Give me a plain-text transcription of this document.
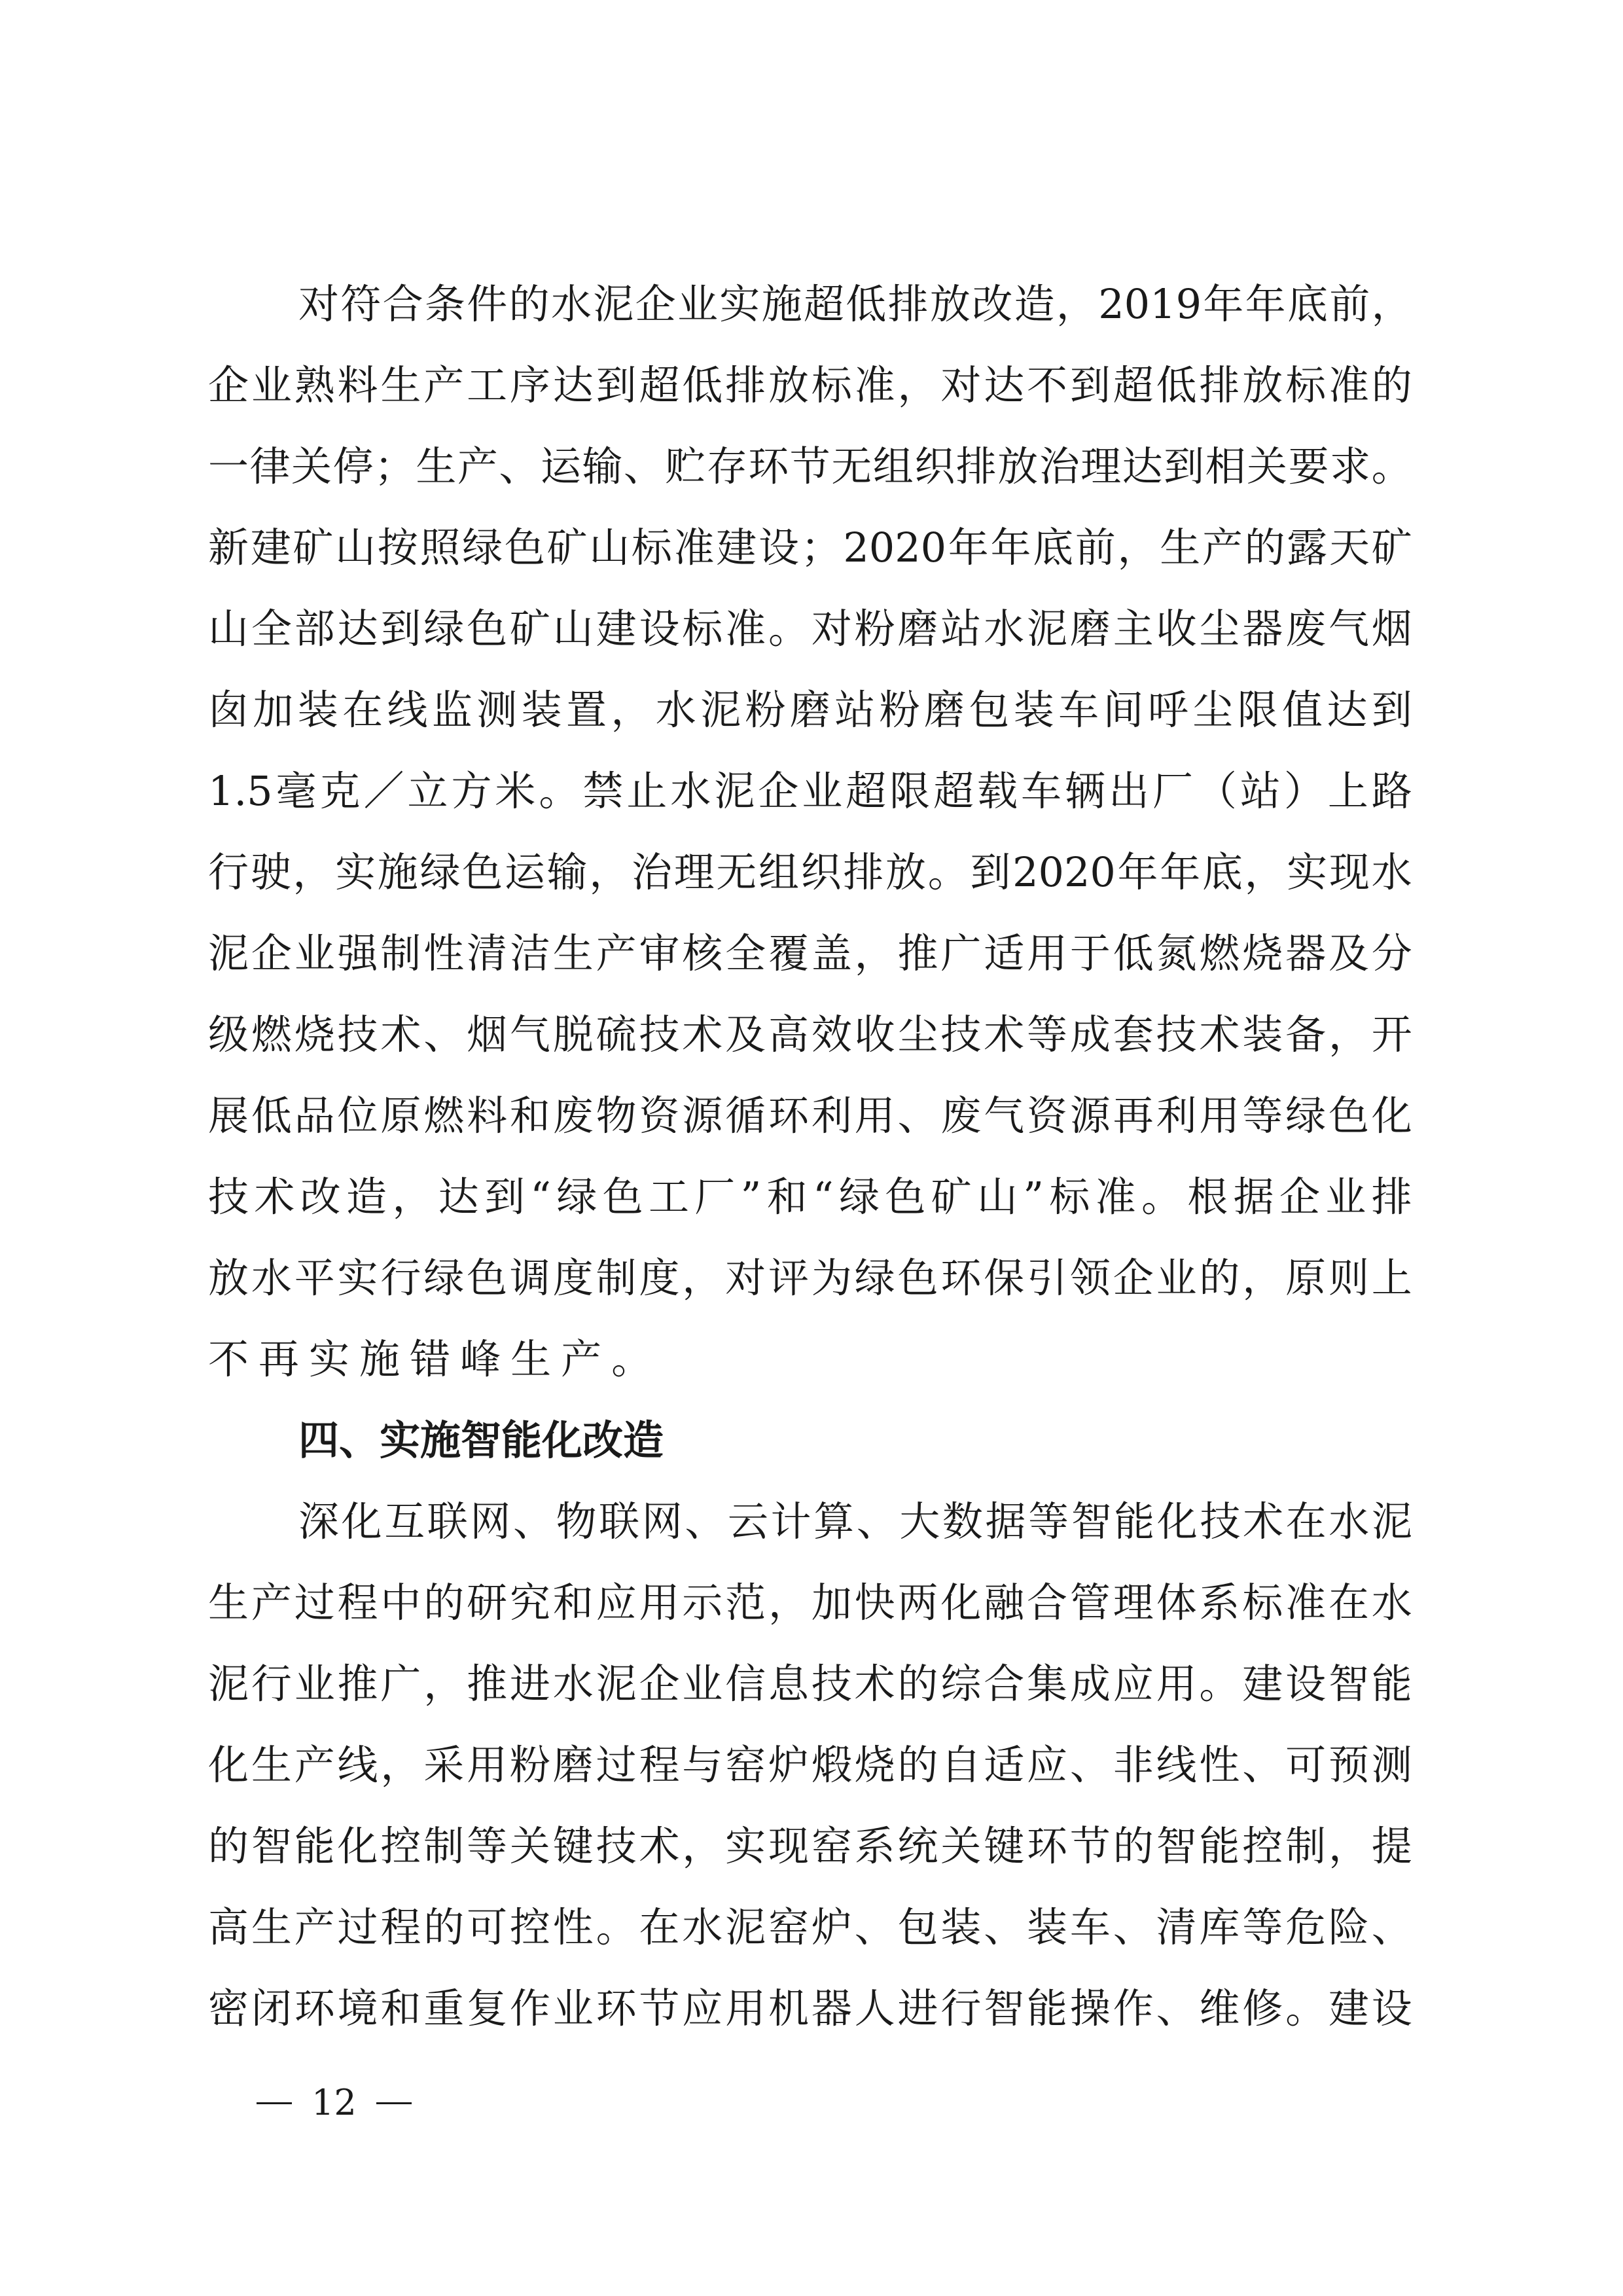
对 符 合 条 件 的 水 泥 企 业 实 施 超 低 排 放 改 造 ， 2019 年 年 底 前 ，
企 业 熟 料 生 产 工 序 达 到 超 低 排 放 标 准 ， 对 达 不 到 超 低 排 放 标 准 的
一 律 关 停 ； 生 产 、 运 输 、 贮 存 环 节 无 组 织 排 放 治 理 达 到 相 关 要 求 。
新 建 矿 山 按 照 绿 色 矿 山 标 准 建 设 ； 2020 年 年 底 前 ， 生 产 的 露 天 矿
山 全 部 达 到 绿 色 矿 山 建 设 标 准 。 对 粉 磨 站 水 泥 磨 主 收 尘 器 废 气 烟
囱 加 装 在 线 监 测 装 置 ， 水 泥 粉 磨 站 粉 磨 包 装 车 间 呼 尘 限 值 达 到
1.5 毫 克 ／ 立 方 米 。 禁 止 水 泥 企 业 超 限 超 载 车 辆 出 厂 （ 站 ） 上 路
行 驶 ， 实 施 绿 色 运 输 ， 治 理 无 组 织 排 放 。 到 2020 年 年 底 ， 实 现 水
泥 企 业 强 制 性 清 洁 生 产 审 核 全 覆 盖 ， 推 广 适 用 于 低 氮 燃 烧 器 及 分
级 燃 烧 技 术 、 烟 气 脱 硫 技 术 及 高 效 收 尘 技 术 等 成 套 技 术 装 备 ， 开
展 低 品 位 原 燃 料 和 废 物 资 源 循 环 利 用 、 废 气 资 源 再 利 用 等 绿 色 化
技 术 改 造 ， 达 到 “ 绿 色 工 厂 ” 和 “ 绿 色 矿 山 ” 标 准 。 根 据 企 业 排
放 水 平 实 行 绿 色 调 度 制 度 ， 对 评 为 绿 色 环 保 引 领 企 业 的 ， 原 则 上
不 再 实 施 错 峰 生 产 。
四、实施智能化改造
深 化 互 联 网 、 物 联 网 、 云 计 算 、 大 数 据 等 智 能 化 技 术 在 水 泥
生 产 过 程 中 的 研 究 和 应 用 示 范 ， 加 快 两 化 融 合 管 理 体 系 标 准 在 水
泥 行 业 推 广 ， 推 进 水 泥 企 业 信 息 技 术 的 综 合 集 成 应 用 。 建 设 智 能
化 生 产 线 ， 采 用 粉 磨 过 程 与 窑 炉 煅 烧 的 自 适 应 、 非 线 性 、 可 预 测
的 智 能 化 控 制 等 关 键 技 术 ， 实 现 窑 系 统 关 键 环 节 的 智 能 控 制 ， 提
高 生 产 过 程 的 可 控 性 。 在 水 泥 窑 炉 、 包 装 、 装 车 、 清 库 等 危 险 、
密 闭 环 境 和 重 复 作 业 环 节 应 用 机 器 人 进 行 智 能 操 作 、 维 修 。 建 设
12
